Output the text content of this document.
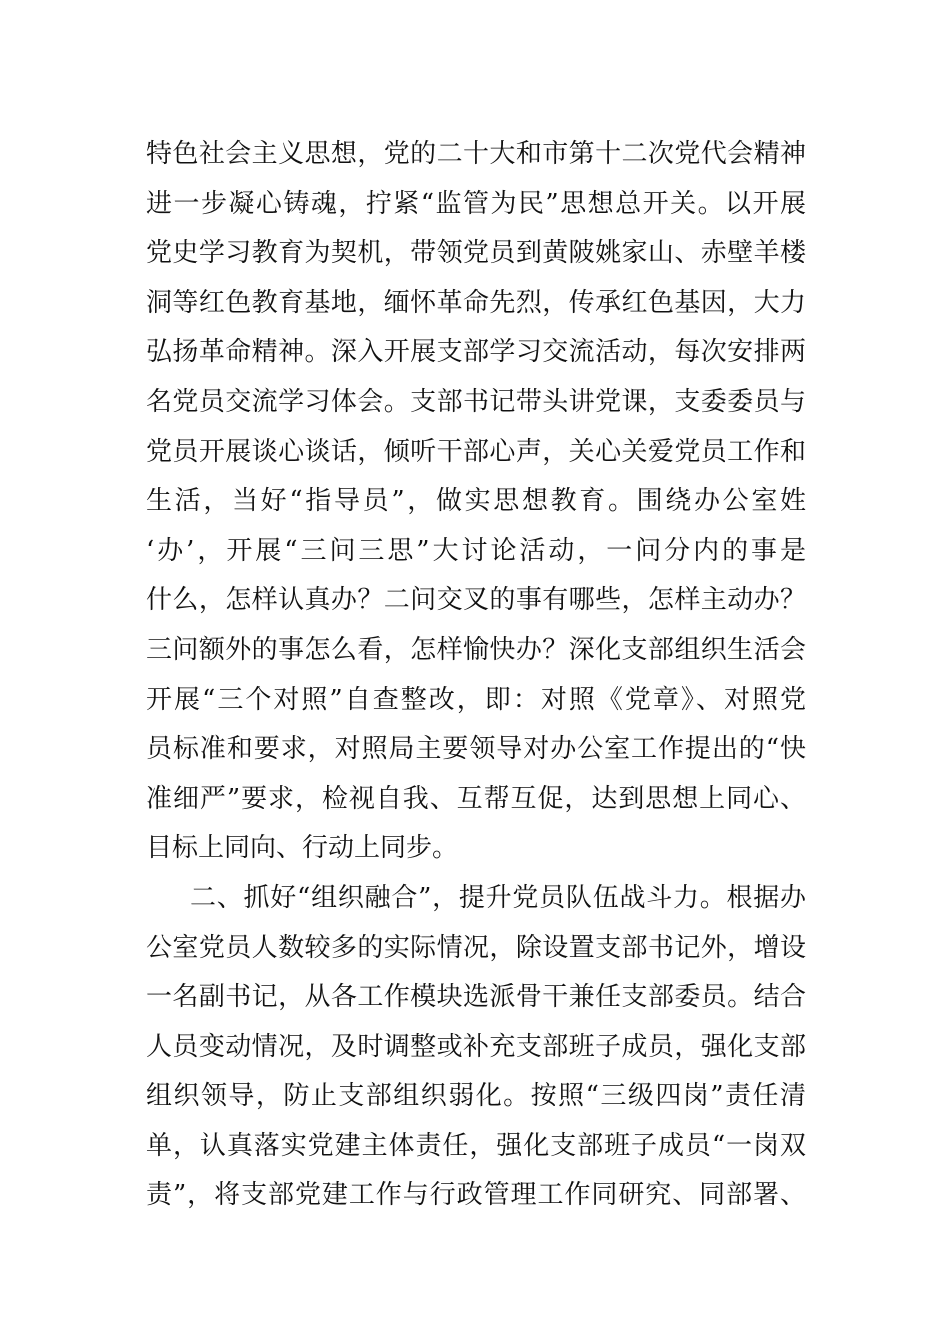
特色社会主义思想，党的二十大和市第十二次党代会精神
进一步凝心铸魂，拧紧“监管为民”思想总开关。以开展
党史学习教育为契机，带领党员到黄陂姚家山、赤壁羊楼
洞等红色教育基地，缅怀革命先烈，传承红色基因，大力
弘扬革命精神。深入开展支部学习交流活动，每次安排两
名党员交流学习体会。支部书记带头讲党课，支委委员与
党员开展谈心谈话，倾听干部心声，关心关爱党员工作和
生活，当好“指导员”，做实思想教育。围绕办公室姓
‘办’，开展“三问三思”大讨论活动，一问分内的事是
什么，怎样认真办？二问交叉的事有哪些，怎样主动办？
三问额外的事怎么看，怎样愉快办？深化支部组织生活会
开展“三个对照”自查整改，即：对照《党章》、对照党
员标准和要求，对照局主要领导对办公室工作提出的“快
准细严”要求，检视自我、互帮互促，达到思想上同心、
目标上同向、行动上同步。
二、抓好“组织融合”，提升党员队伍战斗力。根据办
公室党员人数较多的实际情况，除设置支部书记外，增设
一名副书记，从各工作模块选派骨干兼任支部委员。结合
人员变动情况，及时调整或补充支部班子成员，强化支部
组织领导，防止支部组织弱化。按照“三级四岗”责任清
单，认真落实党建主体责任，强化支部班子成员“一岗双
责”，将支部党建工作与行政管理工作同研究、同部署、
